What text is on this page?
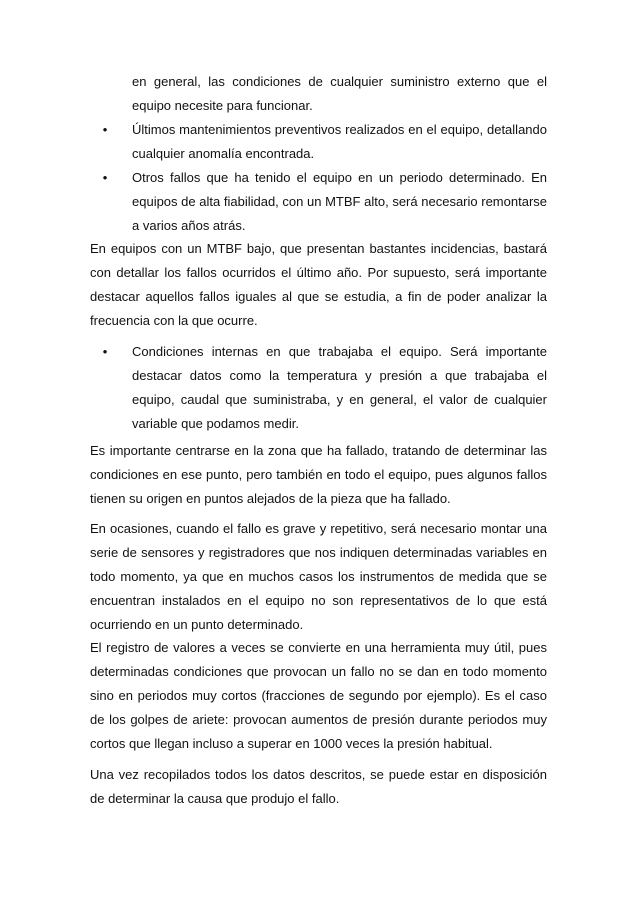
en general, las condiciones de cualquier suministro externo que el equipo necesite para funcionar.
•	Últimos mantenimientos preventivos realizados en el equipo, detallando cualquier anomalía encontrada.
•	Otros fallos que ha tenido el equipo en un periodo determinado. En equipos de alta fiabilidad, con un MTBF alto, será necesario remontarse a varios años atrás.
En equipos con un MTBF bajo, que presentan bastantes incidencias, bastará con detallar los fallos ocurridos el último año. Por supuesto, será importante destacar aquellos fallos iguales al que se estudia, a fin de poder analizar la frecuencia con la que ocurre.
•	Condiciones internas en que trabajaba el equipo. Será importante destacar datos como la temperatura y presión a que trabajaba el equipo, caudal que suministraba, y en general, el valor de cualquier variable que podamos medir.
Es importante centrarse en la zona que ha fallado, tratando de determinar las condiciones en ese punto, pero también en todo el equipo, pues algunos fallos tienen su origen en puntos alejados de la pieza que ha fallado.
En ocasiones, cuando el fallo es grave y repetitivo, será necesario montar una serie de sensores y registradores que nos indiquen determinadas variables en todo momento, ya que en muchos casos los instrumentos de medida que se encuentran instalados en el equipo no son representativos de lo que está ocurriendo en un punto determinado.
El registro de valores a veces se convierte en una herramienta muy útil, pues determinadas condiciones que provocan un fallo no se dan en todo momento sino en periodos muy cortos (fracciones de segundo por ejemplo). Es el caso de los golpes de ariete: provocan aumentos de presión durante periodos muy cortos que llegan incluso a superar en 1000 veces la presión habitual.
Una vez recopilados todos los datos descritos, se puede estar en disposición de determinar la causa que produjo el fallo.
